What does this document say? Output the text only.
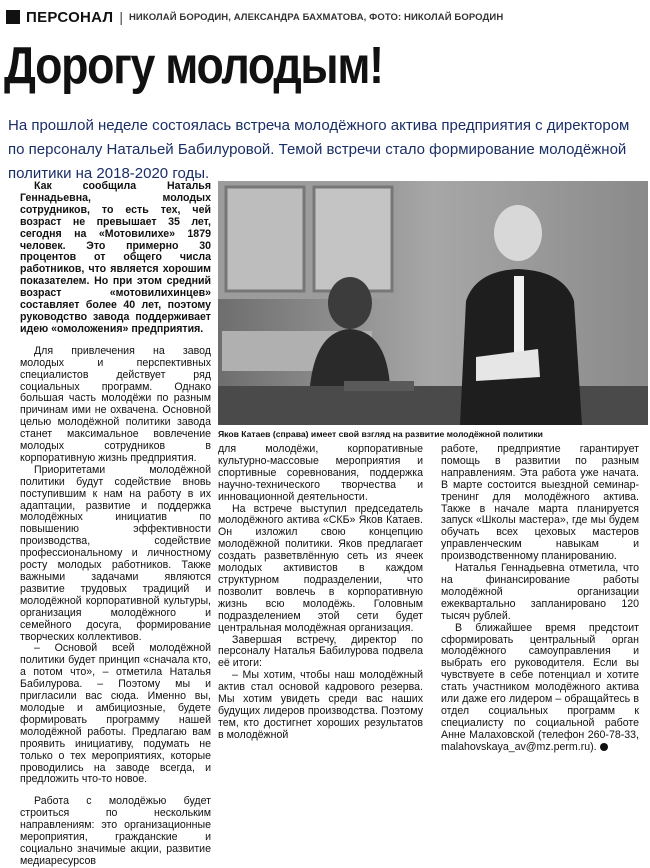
ПЕРСОНАЛ | НИКОЛАЙ БОРОДИН, АЛЕКСАНДРА БАХМАТОВА, ФОТО: НИКОЛАЙ БОРОДИН
Дорогу молодым!

На прошлой неделе состоялась встреча молодёжного актива предприятия с директором по персоналу Натальей Бабилуровой. Темой встречи стало формирование молодёжной политики на 2018-2020 годы.

Как сообщила Наталья Геннадьевна, молодых сотрудников, то есть тех, чей возраст не превышает 35 лет, сегодня на «Мотовилихе» 1879 человек. Это примерно 30 процентов от общего числа работников, что является хорошим показателем. Но при этом средний возраст «мотовилихинцев» составляет более 40 лет, поэтому руководство завода поддерживает идею «омоложения» предприятия.

Для привлечения на завод молодых и перспективных специалистов действует ряд социальных программ. Однако большая часть молодёжи по разным причинам ими не охвачена. Основной целью молодёжной политики завода станет максимальное вовлечение молодых сотрудников в корпоративную жизнь предприятия.

Приоритетами молодёжной политики будут содействие вновь поступившим к нам на работу в их адаптации, развитие и поддержка молодёжных инициатив по повышению эффективности производства, содействие профессиональному и личностному росту молодых работников. Также важными задачами являются развитие трудовых традиций и молодёжной корпоративной культуры, организация молодёжного и семейного досуга, формирование творческих коллективов.

– Основой всей молодёжной политики будет принцип «сначала кто, а потом что», – отметила Наталья Бабилурова. – Поэтому мы и пригласили вас сюда. Именно вы, молодые и амбициозные, будете формировать программу нашей молодёжной работы. Предлагаю вам проявить инициативу, подумать не только о тех мероприятиях, которые проводились на заводе всегда, и предложить что-то новое.

Работа с молодёжью будет строиться по нескольким направлениям: это организационные мероприятия, гражданские и социально значимые акции, развитие медиаресурсов

Яков Катаев (справа) имеет свой взгляд на развитие молодёжной политики

для молодёжи, корпоративные культурно-массовые мероприятия и спортивные соревнования, поддержка научно-технического творчества и инновационной деятельности.

На встрече выступил председатель молодёжного актива «СКБ» Яков Катаев. Он изложил свою концепцию молодёжной политики. Яков предлагает создать разветвлённую сеть из ячеек молодых активистов в каждом структурном подразделении, что позволит вовлечь в корпоративную жизнь всю молодёжь. Головным подразделением этой сети будет центральная молодёжная организация.

Завершая встречу, директор по персоналу Наталья Бабилурова подвела её итоги:

– Мы хотим, чтобы наш молодёжный актив стал основой кадрового резерва. Мы хотим увидеть среди вас наших будущих лидеров производства. Поэтому тем, кто достигнет хороших результатов в молодёжной

работе, предприятие гарантирует помощь в развитии по разным направлениям. Эта работа уже начата. В марте состоится выездной семинар-тренинг для молодёжного актива. Также в начале марта планируется запуск «Школы мастера», где мы будем обучать всех цеховых мастеров управленческим навыкам и производственному планированию.

Наталья Геннадьевна отметила, что на финансирование работы молодёжной организации ежеквартально запланировано 120 тысяч рублей.

В ближайшее время предстоит сформировать центральный орган молодёжного самоуправления и выбрать его руководителя. Если вы чувствуете в себе потенциал и хотите стать участником молодёжного актива или даже его лидером – обращайтесь в отдел социальных программ к специалисту по социальной работе Анне Малаховской (телефон 260-78-33, malahovskaya_av@mz.perm.ru).
